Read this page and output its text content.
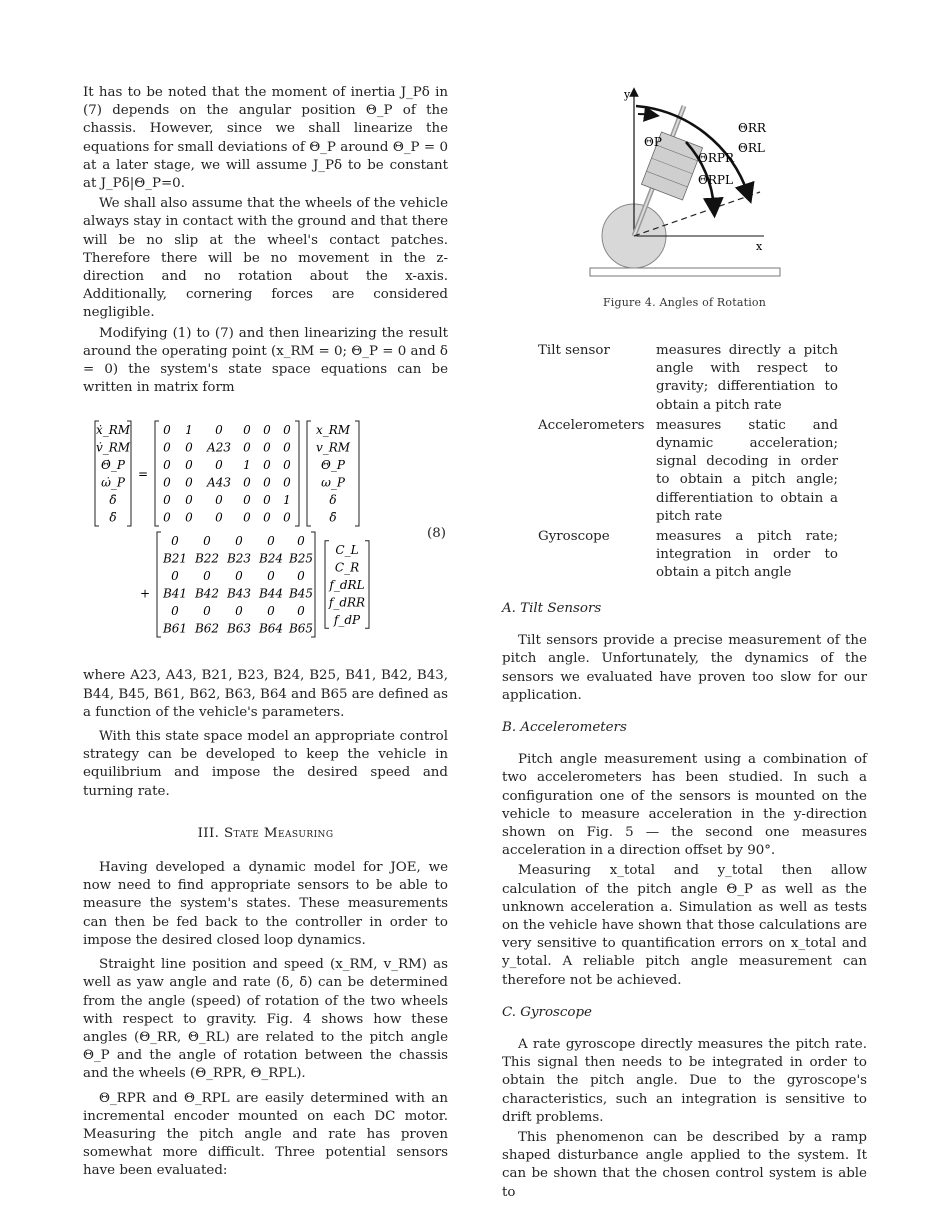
It has to be noted that the moment of inertia J_Pδ in (7) depends on the angular position Θ_P of the chassis. However, since we shall linearize the equations for small deviations of Θ_P around Θ_P = 0 at a later stage, we will assume J_Pδ to be constant at J_Pδ|Θ_P=0.

We shall also assume that the wheels of the vehicle always stay in contact with the ground and that there will be no slip at the wheel's contact patches. Therefore there will be no movement in the z-direction and no rotation about the x-axis. Additionally, cornering forces are considered negligible.

Modifying (1) to (7) and then linearizing the result around the operating point (x_RM = 0; Θ_P = 0 and δ = 0) the system's state space equations can be written in matrix form

ẋ_RM
v̇_RM
Θ̇_P
ω̇_P
δ̇
δ̈
=
0 1 0 0 0 0
0 0 A23 0 0 0
0 0 0 1 0 0
0 0 A43 0 0 0
0 0 0 0 0 1
0 0 0 0 0 0
x_RM
v_RM
Θ_P
ω_P
δ
δ̇
+
0 0 0 0 0
B21 B22 B23 B24 B25
0 0 0 0 0
B41 B42 B43 B44 B45
0 0 0 0 0
B61 B62 B63 B64 B65
C_L
C_R
f_dRL
f_dRR
f_dP
(8)

where A23, A43, B21, B23, B24, B25, B41, B42, B43, B44, B45, B61, B62, B63, B64 and B65 are defined as a function of the vehicle's parameters.

With this state space model an appropriate control strategy can be developed to keep the vehicle in equilibrium and impose the desired speed and turning rate.

III. State Measuring

Having developed a dynamic model for JOE, we now need to find appropriate sensors to be able to measure the system's states. These measurements can then be fed back to the controller in order to impose the desired closed loop dynamics.

Straight line position and speed (x_RM, v_RM) as well as yaw angle and rate (δ, δ̇) can be determined from the angle (speed) of rotation of the two wheels with respect to gravity. Fig. 4 shows how these angles (Θ_RR, Θ_RL) are related to the pitch angle Θ_P and the angle of rotation between the chassis and the wheels (Θ_RPR, Θ_RPL).

Θ_RPR and Θ_RPL are easily determined with an incremental encoder mounted on each DC motor. Measuring the pitch angle and rate has proven somewhat more difficult. Three potential sensors have been evaluated:

y
x
ΘP
ΘRR
ΘRL
ΘRPR
ΘRPL
Figure 4. Angles of Rotation
Tilt sensor	measures directly a pitch angle with respect to gravity; differentiation to obtain a pitch rate
Accelerometers	measures static and dynamic acceleration; signal decoding in order to obtain a pitch angle; differentiation to obtain a pitch rate
Gyroscope	measures a pitch rate; integration in order to obtain a pitch angle
A. Tilt Sensors

Tilt sensors provide a precise measurement of the pitch angle. Unfortunately, the dynamics of the sensors we evaluated have proven too slow for our application.

B. Accelerometers

Pitch angle measurement using a combination of two accelerometers has been studied. In such a configuration one of the sensors is mounted on the vehicle to measure acceleration in the y-direction shown on Fig. 5 — the second one measures acceleration in a direction offset by 90°.

Measuring x_total and y_total then allow calculation of the pitch angle Θ_P as well as the unknown acceleration a. Simulation as well as tests on the vehicle have shown that those calculations are very sensitive to quantification errors on x_total and y_total. A reliable pitch angle measurement can therefore not be achieved.

C. Gyroscope

A rate gyroscope directly measures the pitch rate. This signal then needs to be integrated in order to obtain the pitch angle. Due to the gyroscope's characteristics, such an integration is sensitive to drift problems.

This phenomenon can be described by a ramp shaped disturbance angle applied to the system. It can be shown that the chosen control system is able to
